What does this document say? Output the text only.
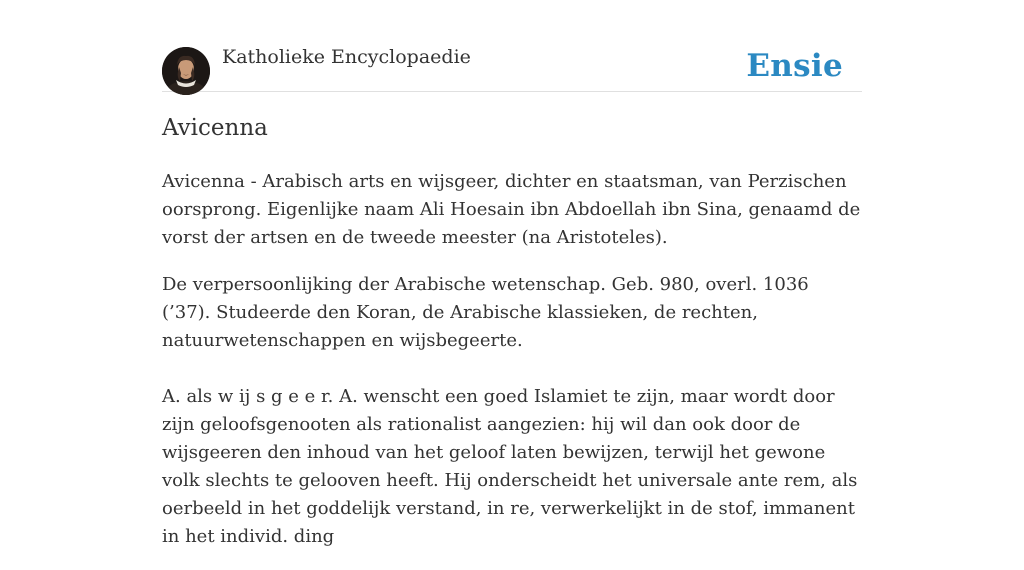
Katholieke Encyclopaedie	Ensie
Avicenna

Avicenna - Arabisch arts en wijsgeer, dichter en staatsman, van Perzischen oorsprong. Eigenlijke naam Ali Hoesain ibn Abdoellah ibn Sina, genaamd de vorst der artsen en de tweede meester (na Aristoteles).

De verpersoonlijking der Arabische wetenschap. Geb. 980, overl. 1036 (’37). Studeerde den Koran, de Arabische klassieken, de rechten, natuurwetenschappen en wijsbegeerte.

A. als w ij s g e e r. A. wenscht een goed Islamiet te zijn, maar wordt door zijn geloofsgenooten als rationalist aangezien: hij wil dan ook door de wijsgeeren den inhoud van het geloof laten bewijzen, terwijl het gewone volk slechts te gelooven heeft. Hij onderscheidt het universale ante rem, als oerbeeld in het goddelijk verstand, in re, verwerkelijkt in de stof, immanent in het individ. ding
